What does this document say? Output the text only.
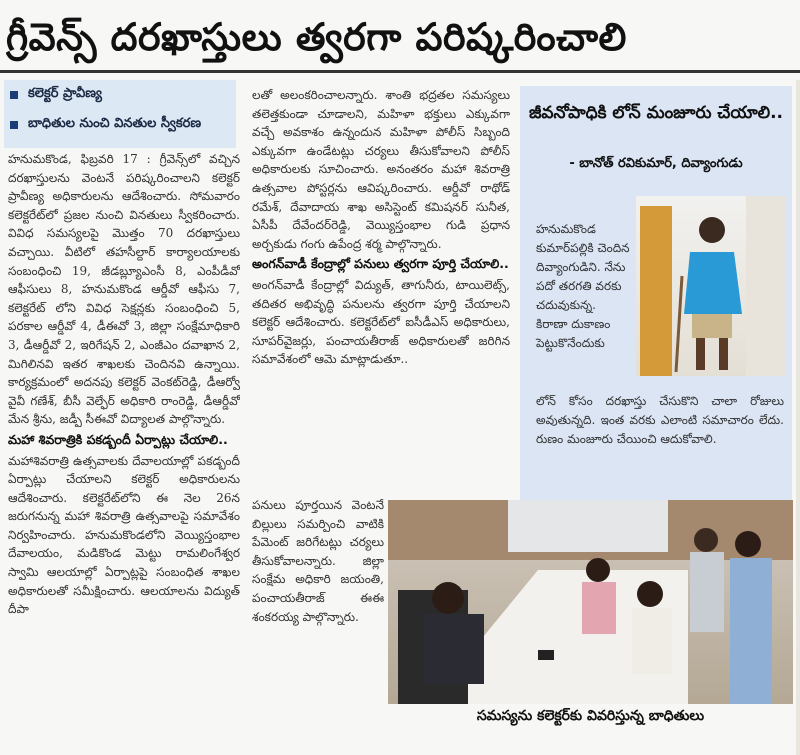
గ్రీవెన్స్ దరఖాస్తులు త్వరగా పరిష్కరించాలి
కలెక్టర్ ప్రావీణ్య
బాధితుల నుంచి వినతుల స్వీకరణ

హనుమకొండ, ఫిబ్రవరి 17 : గ్రీవెన్స్‌లో వచ్చిన దరఖాస్తులను వెంటనే పరిష్కరించాలని కలెక్టర్ ప్రావీణ్య అధికారులను ఆదేశించారు. సోమవారం కలెక్టరేట్‌లో ప్రజల నుంచి వినతులు స్వీకరించారు. వివిధ సమస్యలపై మొత్తం 70 దరఖాస్తులు వచ్చాయి. వీటిలో తహసీల్దార్ కార్యాలయాలకు సంబంధించి 19, జీడబ్ల్యూఎంసీ 8, ఎంపీడీవో ఆఫీసులు 8, హనుమకొండ ఆర్డీవో ఆఫీసు 7, కలెక్టరేట్ లోని వివిధ సెక్షన్లకు సంబంధించి 5, పరకాల ఆర్డీవో 4, డీఈవో 3, జిల్లా సంక్షేమాధికారి 3, డీఆర్డీవో 2, ఇరిగేషన్ 2, ఎంజీఎం దవాఖాన 2, మిగిలినవి ఇతర శాఖలకు చెందినవి ఉన్నాయి. కార్యక్రమంలో అదనపు కలెక్టర్ వెంకట్‌రెడ్డి, డీఆర్వో వైవీ గణేశ్, బీసీ వెల్ఫేర్ అధికారి రాంరెడ్డి, డీఆర్డీవో మేన శ్రీను, జడ్పీ సీఈవో విద్యాలత పాల్గొన్నారు.

మహా శివరాత్రికి పకడ్బందీ ఏర్పాట్లు చేయాలి..

మహాశివరాత్రి ఉత్సవాలకు దేవాలయాల్లో పకడ్బందీ ఏర్పాట్లు చేయాలని కలెక్టర్ అధికారులను ఆదేశించారు. కలెక్టరేట్‌లోని ఈ నెల 26న జరుగనున్న మహా శివరాత్రి ఉత్సవాలపై సమావేశం నిర్వహించారు. హనుమకొండలోని వెయ్యిస్తంభాల దేవాలయం, మడికొండ మెట్టు రామలింగేశ్వర స్వామి ఆలయాల్లో ఏర్పాట్లపై సంబంధిత శాఖల అధికారులతో సమీక్షించారు. ఆలయాలను విద్యుత్ దీపా

లతో అలంకరించాలన్నారు. శాంతి భద్రతల సమస్యలు తలెత్తకుండా చూడాలని, మహిళా భక్తులు ఎక్కువగా వచ్చే అవకాశం ఉన్నందున మహిళా పోలీస్ సిబ్బంది ఎక్కువగా ఉండేటట్లు చర్యలు తీసుకోవాలని పోలీస్ అధికారులకు సూచించారు. అనంతరం మహా శివరాత్రి ఉత్సవాల పోస్టర్లను ఆవిష్కరించారు. ఆర్డీవో రాథోడ్ రమేశ్, దేవాదాయ శాఖ అసిస్టెంట్ కమిషనర్ సునీత, ఏసీపీ దేవేందర్‌రెడ్డి, వెయ్యిస్తంభాల గుడి ప్రధాన అర్చకుడు గంగు ఉపేంద్ర శర్మ పాల్గొన్నారు.

అంగన్‌వాడీ కేంద్రాల్లో పనులు త్వరగా పూర్తి చేయాలి..

అంగన్‌వాడీ కేంద్రాల్లో విద్యుత్, తాగునీరు, టాయిలెట్స్, తదితర అభివృద్ధి పనులను త్వరగా పూర్తి చేయాలని కలెక్టర్ ఆదేశించారు. కలెక్టరేట్‌లో ఐసీడీఎస్ అధికారులు, సూపర్‌వైజర్లు, పంచాయతీరాజ్ అధికారులతో జరిగిన సమావేశంలో ఆమె మాట్లాడుతూ..

పనులు పూర్తయిన వెంటనే బిల్లులు సమర్పించి వాటికి పేమెంట్ జరిగేటట్లు చర్యలు తీసుకోవాలన్నారు. జిల్లా సంక్షేమ అధికారి జయంతి, పంచాయతీరాజ్ ఈఈ శంకరయ్య పాల్గొన్నారు.

జీవనోపాధికి లోన్ మంజూరు చేయాలి..
- బానోత్ రవికుమార్, దివ్యాంగుడు
హనుమకొండ కుమార్‌పల్లికి చెందిన దివ్యాంగుడిని. నేను పదో తరగతి వరకు చదువుకున్న. కిరాణా దుకాణం పెట్టుకొనేందుకు
లోన్ కోసం దరఖాస్తు చేసుకొని చాలా రోజులు అవుతున్నది. ఇంత వరకు ఎలాంటి సమాచారం లేదు. రుణం మంజూరు చేయించి ఆదుకోవాలి.
సమస్యను కలెక్టర్‌కు వివరిస్తున్న బాధితులు
